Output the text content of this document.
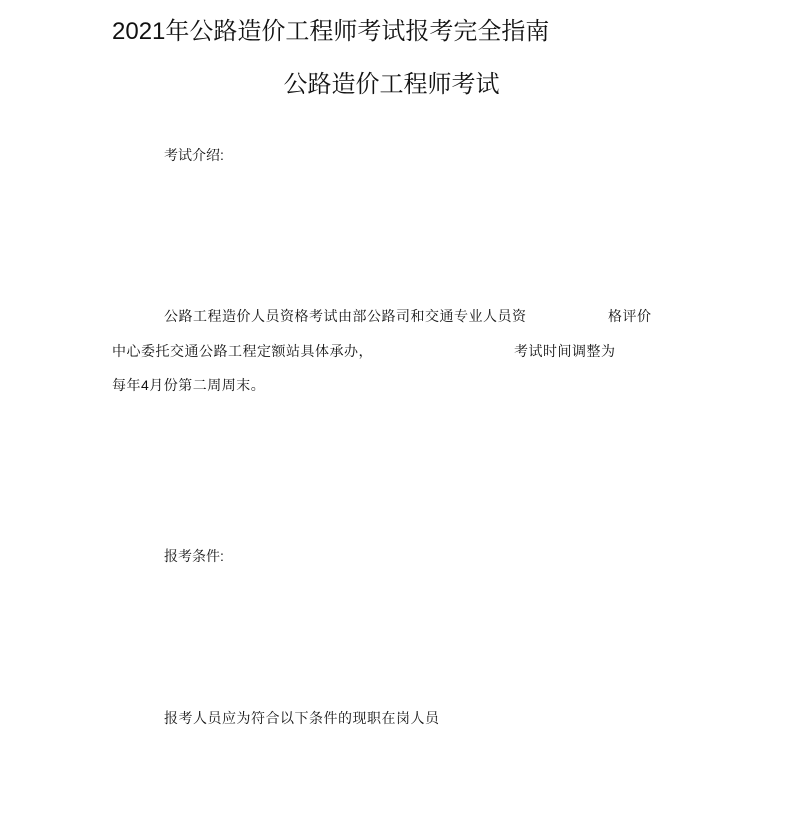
2021年公路造价工程师考试报考完全指南
公路造价工程师考试
考试介绍:
公路工程造价人员资格考试由部公路司和交通专业人员资	格评价
中心委托交通公路工程定额站具体承办，	考试时间调整为
每年4月份第二周周末。
报考条件:
报考人员应为符合以下条件的现职在岗人员
